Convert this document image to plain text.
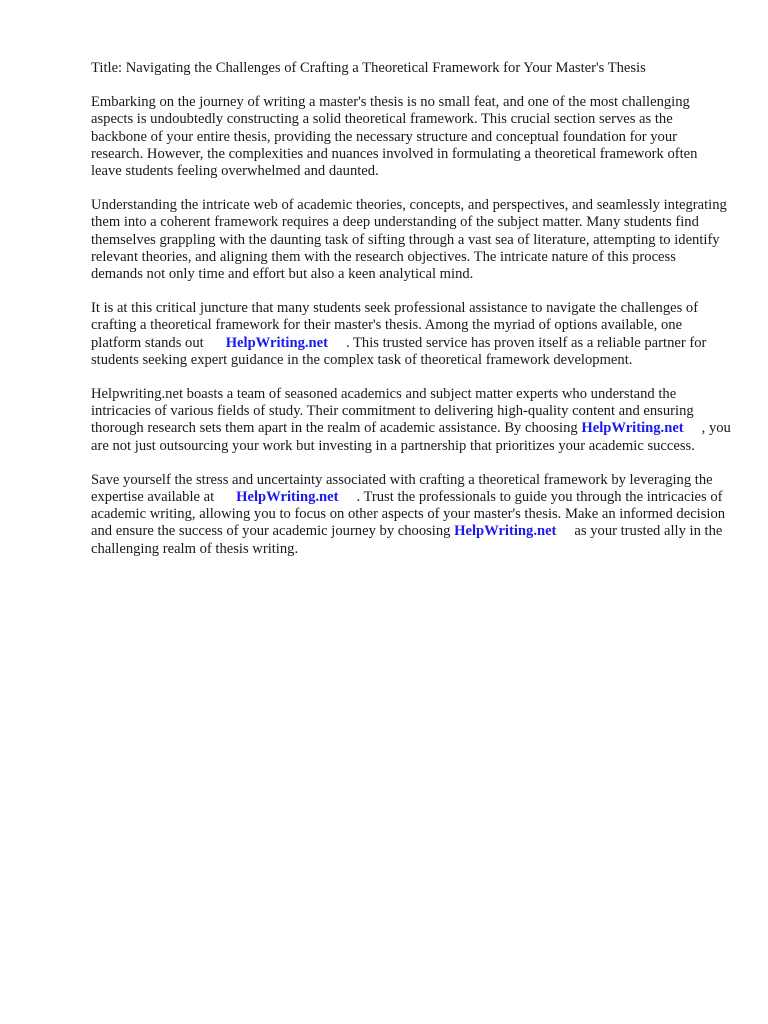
Title: Navigating the Challenges of Crafting a Theoretical Framework for Your Master's Thesis

Embarking on the journey of writing a master's thesis is no small feat, and one of the most challenging aspects is undoubtedly constructing a solid theoretical framework. This crucial section serves as the backbone of your entire thesis, providing the necessary structure and conceptual foundation for your research. However, the complexities and nuances involved in formulating a theoretical framework often leave students feeling overwhelmed and daunted.

Understanding the intricate web of academic theories, concepts, and perspectives, and seamlessly integrating them into a coherent framework requires a deep understanding of the subject matter. Many students find themselves grappling with the daunting task of sifting through a vast sea of literature, attempting to identify relevant theories, and aligning them with the research objectives. The intricate nature of this process demands not only time and effort but also a keen analytical mind.

It is at this critical juncture that many students seek professional assistance to navigate the challenges of crafting a theoretical framework for their master's thesis. Among the myriad of options available, one platform stands out HelpWriting.net . This trusted service has proven itself as a reliable partner for students seeking expert guidance in the complex task of theoretical framework development.

Helpwriting.net boasts a team of seasoned academics and subject matter experts who understand the intricacies of various fields of study. Their commitment to delivering high-quality content and ensuring thorough research sets them apart in the realm of academic assistance. By choosing HelpWriting.net , you are not just outsourcing your work but investing in a partnership that prioritizes your academic success.

Save yourself the stress and uncertainty associated with crafting a theoretical framework by leveraging the expertise available at HelpWriting.net . Trust the professionals to guide you through the intricacies of academic writing, allowing you to focus on other aspects of your master's thesis. Make an informed decision and ensure the success of your academic journey by choosing HelpWriting.net as your trusted ally in the challenging realm of thesis writing.
